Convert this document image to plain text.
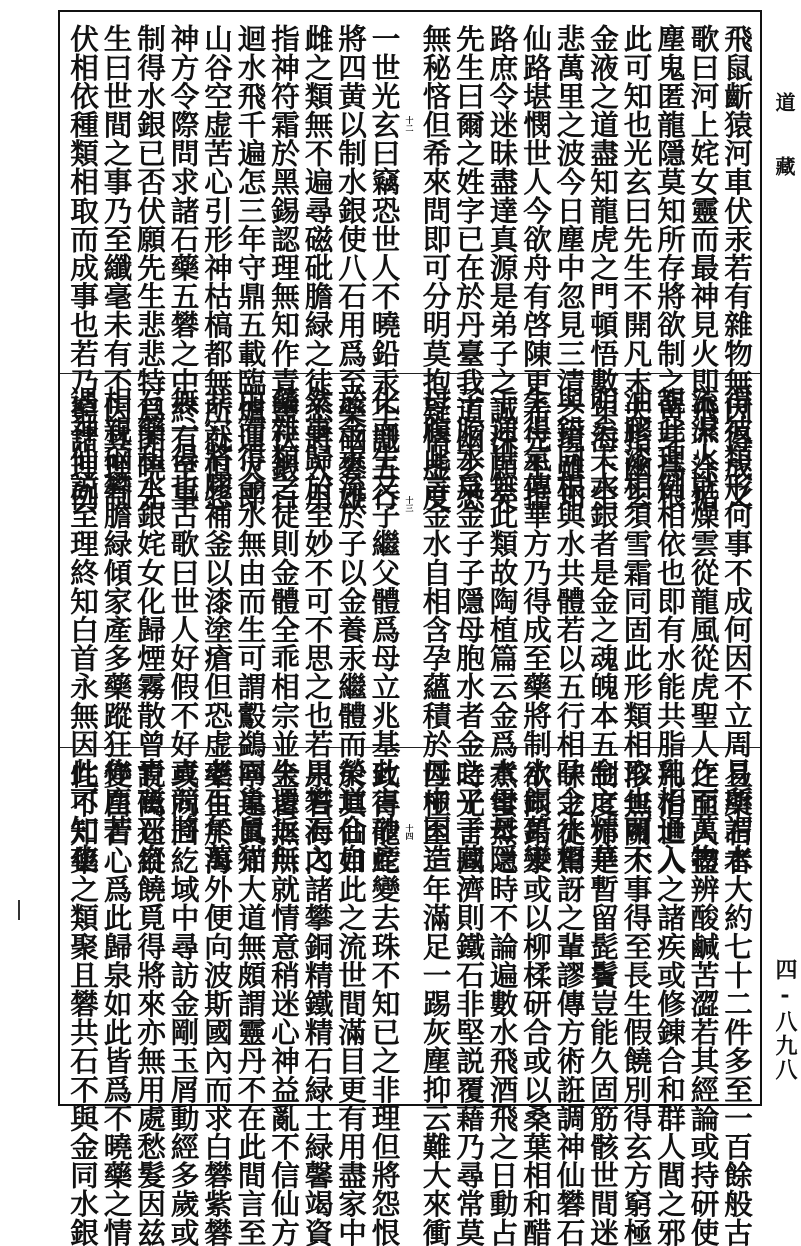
道藏
四-八九八
飛鼠齗猿河車伏汞若有雜物無因得成又
歌曰河上姹女靈而最神見火即飛不涂垢
塵鬼匿龍隱莫知所存將欲制之黄芽爲根
此可知也光玄曰先生不開凡末夫指幽玄
金液之道盡知龍虎之門頓悟數年海上空
悲萬里之波今日塵中忽見三清之境雖知
仙路堪憫世人今欲舟有啓陳更希先生指
路庶令迷昧盡達真源是弟子之誠深願矣
先生曰爾之姓字已在於丹臺我道幽玄悉
無秘悋但希來問即可分明莫抱疑情虚度
十二
一世光玄曰竊恐世人不曉鉛汞不識五行
將四黄以制水銀使八石用爲至藥硇礬雄
雌之類無不遍尋磁砒膽緑之徒悉將入用
指神符霜於黑錫認理無知作青鹽伏鍛百
迴水飛千遍怎三年守鼎五載臨爐運火即
山谷空虚苦心引形神枯槁都無所就但怨
神方令際問求諸石藥五礬之中終有至事
制得水銀已否伏願先生悲悲特爲開曉先
生曰世間之事乃至纖毫未有不因其理制
伏相依種類相取而成事也若乃窮諸理例
得彼類形何事不成何因不立周易所謂水
流濕火就燥雲從龍風從虎聖人作而萬物
覩此理例相依也即有水能共脂乳相通入
油膠漆相須雪霜同固此形類相取也可不
明矣夫水銀者是金之魂魄本五金之精華
與鉛同根與水共體若以五行相孕金水相
生得氣傳華方乃得成至藥將制水銀萬變
千通世無此類故陶植篇云金爲水母母隱
子胎水爲金子子隱母胞水者金之子子藏
母腹此言金水自相含孕蘊積於母中因造
十三
化而生又子繼父體爲母立兆基此言砂產
於金汞流於子以金養汞繼體而榮道合自
然事歸於至妙不可不思之也若用礬石之
藥雜類之徒則金體全乖相宗並失還返無
由而得金水無由而生可謂鷇鷁同巢鼠猫
共穴將膠補釜以漆塗瘡但恐虚老百年萬
無一得也古歌曰世人好假不好真競將
石藥和水銀姹女化歸煙霧散曾青磁石自
相親硇礬膽緑傾家產多藥蹤狂作塵若
遇神仙説至理終知白首永無因此可知也
且藥石者大約七十二件多至一百餘般古
之至人盡辨酸鹹苦澀若其經論或持研使
用治世人之諸疾或修錬合和群人閭之邪
沴無關大事得至長生假饒別得玄方窮極
制度亦是暫留髭鬢豈能久固筋骸世間迷
昧之徒驚訝之輩謬傳方術誑調神仙礬石
欲同鉛汞或以柳楺研合或以桑葉相和醋
煮蜜蒸之時不論遍數水飛酒飛之日動占
時光言固濟則鐵石非堅説覆藉乃尋常莫
匹極至三年滿足一踢灰塵抑云難大來衝
十四
致得龍蛇變去珠不知已之非理但將怨恨
於其仙如此之流世間滿目更有用盡家中
泉石海內諸攀銅精鐵精石緑土緑馨竭資
金皆無所就情意稍迷心神益亂不信仙方
寧違眞知大道無頗謂靈丹不在此間言至
藥生於海外便向波斯國內而求白礬紫礬
或向回紇域中尋訪金剛玉屑動經多歲或
説萬迷縱饒覓得將來亦無用處愁髮因兹
變白苦心爲此歸泉如此皆爲不曉藥之情
性不知藥之類聚且礬共石不與金同水銀
